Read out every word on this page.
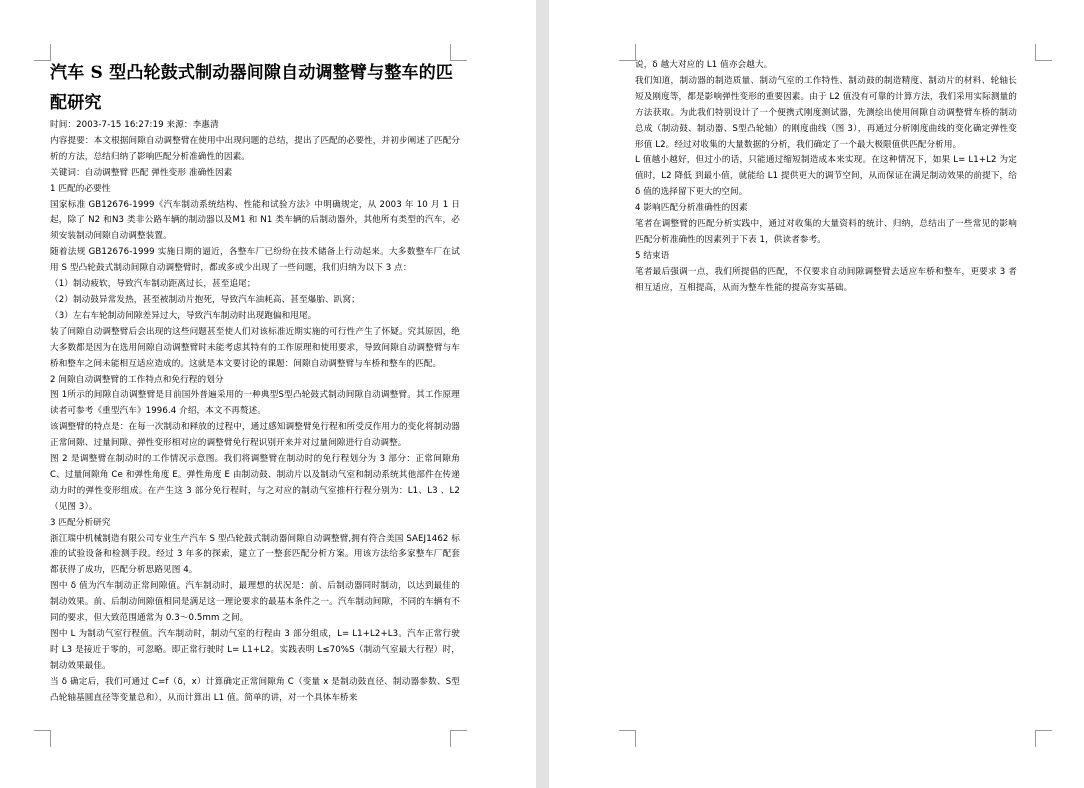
汽车 S 型凸轮鼓式制动器间隙自动调整臂与整车的匹配研究

时间：2003-7-15 16:27:19 来源：李惠清

内容提要：本文根据间隙自动调整臂在使用中出现问题的总结，提出了匹配的必要性，并初步阐述了匹配分析的方法，总结归纳了影响匹配分析准确性的因素。

关键词：自动调整臂 匹配 弹性变形 准确性因素

1 匹配的必要性

国家标准 GB12676-1999《汽车制动系统结构、性能和试验方法》中明确规定，从 2003 年 10 月 1 日起，除了 N2 和N3 类非公路车辆的制动器以及M1 和 N1 类车辆的后制动器外，其他所有类型的汽车，必须安装制动间隙自动调整装置。

随着法规 GB12676-1999 实施日期的逼近，各整车厂已纷纷在技术储备上行动起来。大多数整车厂在试用 S 型凸轮鼓式制动间隙自动调整臂时，都或多或少出现了一些问题，我们归纳为以下 3 点：

（1）制动疲软，导致汽车制动距离过长，甚至追尾；

（2）制动鼓异常发热，甚至被制动片抱死，导致汽车油耗高、甚至爆胎、趴窝；

（3）左右车轮制动间隙差异过大，导致汽车制动时出现跑偏和甩尾。

装了间隙自动调整臂后会出现的这些问题甚至使人们对该标准近期实施的可行性产生了怀疑。究其原因，绝大多数都是因为在选用间隙自动调整臂时未能考虑其特有的工作原理和使用要求，导致间隙自动调整臂与车桥和整车之间未能相互适应造成的。这就是本文要讨论的课题：间隙自动调整臂与车桥和整车的匹配。

2 间隙自动调整臂的工作特点和免行程的划分

图 1所示的间隙自动调整臂是目前国外普遍采用的一种典型S型凸轮鼓式制动间隙自动调整臂。其工作原理读者可参考《重型汽车》1996.4 介绍，本文不再赘述。

该调整臂的特点是：在每一次制动和释放的过程中，通过感知调整臂免行程和所受反作用力的变化将制动器正常间隙、过量间隙、弹性变形相对应的调整臂免行程识别开来并对过量间隙进行自动调整。

图 2 是调整臂在制动时的工作情况示意图。我们将调整臂在制动时的免行程划分为 3 部分：正常间隙角 C、过量间隙角 Ce 和弹性角度 E。弹性角度 E 由制动鼓、制动片以及制动气室和制动系统其他部件在传递动力时的弹性变形组成。在产生这 3 部分免行程时，与之对应的制动气室推杆行程分别为：L1、L3 、L2 （见图 3）。

3 匹配分析研究

浙江瑞中机械制造有限公司专业生产汽车 S 型凸轮鼓式制动器间隙自动调整臂,拥有符合美国 SAEJ1462 标准的试验设备和检测手段。经过 3 年多的探索，建立了一整套匹配分析方案。用该方法给多家整车厂配套都获得了成功，匹配分析思路见图 4。

图中 δ 值为汽车制动正常间隙值。汽车制动时，最理想的状况是：前、后制动器同时制动，以达到最佳的制动效果。前、后制动间隙值相同是满足这一理论要求的最基本条件之一。汽车制动间隙，不同的车辆有不同的要求，但大致范围通常为 0.3～0.5mm 之间。

图中 L 为制动气室行程值。汽车制动时，制动气室的行程由 3 部分组成，L= L1+L2+L3。汽车正常行驶时 L3 是接近于零的，可忽略。即正常行驶时 L= L1+L2。实践表明 L≤70%S（制动气室最大行程）时，制动效果最佳。

当 δ 确定后，我们可通过 C=f（δ，x）计算确定正常间隙角 C（变量 x 是制动鼓直径、制动器参数、S型凸轮轴基圆直径等变量总和），从而计算出 L1 值。简单的讲，对一个具体车桥来

说，δ 越大对应的 L1 值亦会越大。

我们知道，制动器的制造质量、制动气室的工作特性、制动鼓的制造精度、制动片的材料、轮轴长短及刚度等，都是影响弹性变形的重要因素。由于 L2 值没有可靠的计算方法，我们采用实际测量的方法获取。为此我们特别设计了一个便携式刚度测试器，先测绘出使用间隙自动调整臂车桥的制动总成（制动鼓、制动器、S型凸轮轴）的刚度曲线（图 3），再通过分析刚度曲线的变化确定弹性变形值 L2。经过对收集的大量数据的分析，我们确定了一个最大极限值供匹配分析用。

L 值越小越好，但过小的话，只能通过缩短制造成本来实现。在这种情况下，如果 L= L1+L2 为定值时，L2 降低 到最小值，就能给 L1 提供更大的调节空间，从而保证在满足制动效果的前提下，给 δ 值的选择留下更大的空间。

4 影响匹配分析准确性的因素

笔者在调整臂的匹配分析实践中，通过对收集的大量资料的统计、归纳，总结出了一些常见的影响匹配分析准确性的因素列于下表 1，供读者参考。

5 结束语

笔者最后强调一点，我们所提倡的匹配，不仅要求自动间隙调整臂去适应车桥和整车，更要求 3 者相互适应，互相提高，从而为整车性能的提高夯实基础。
